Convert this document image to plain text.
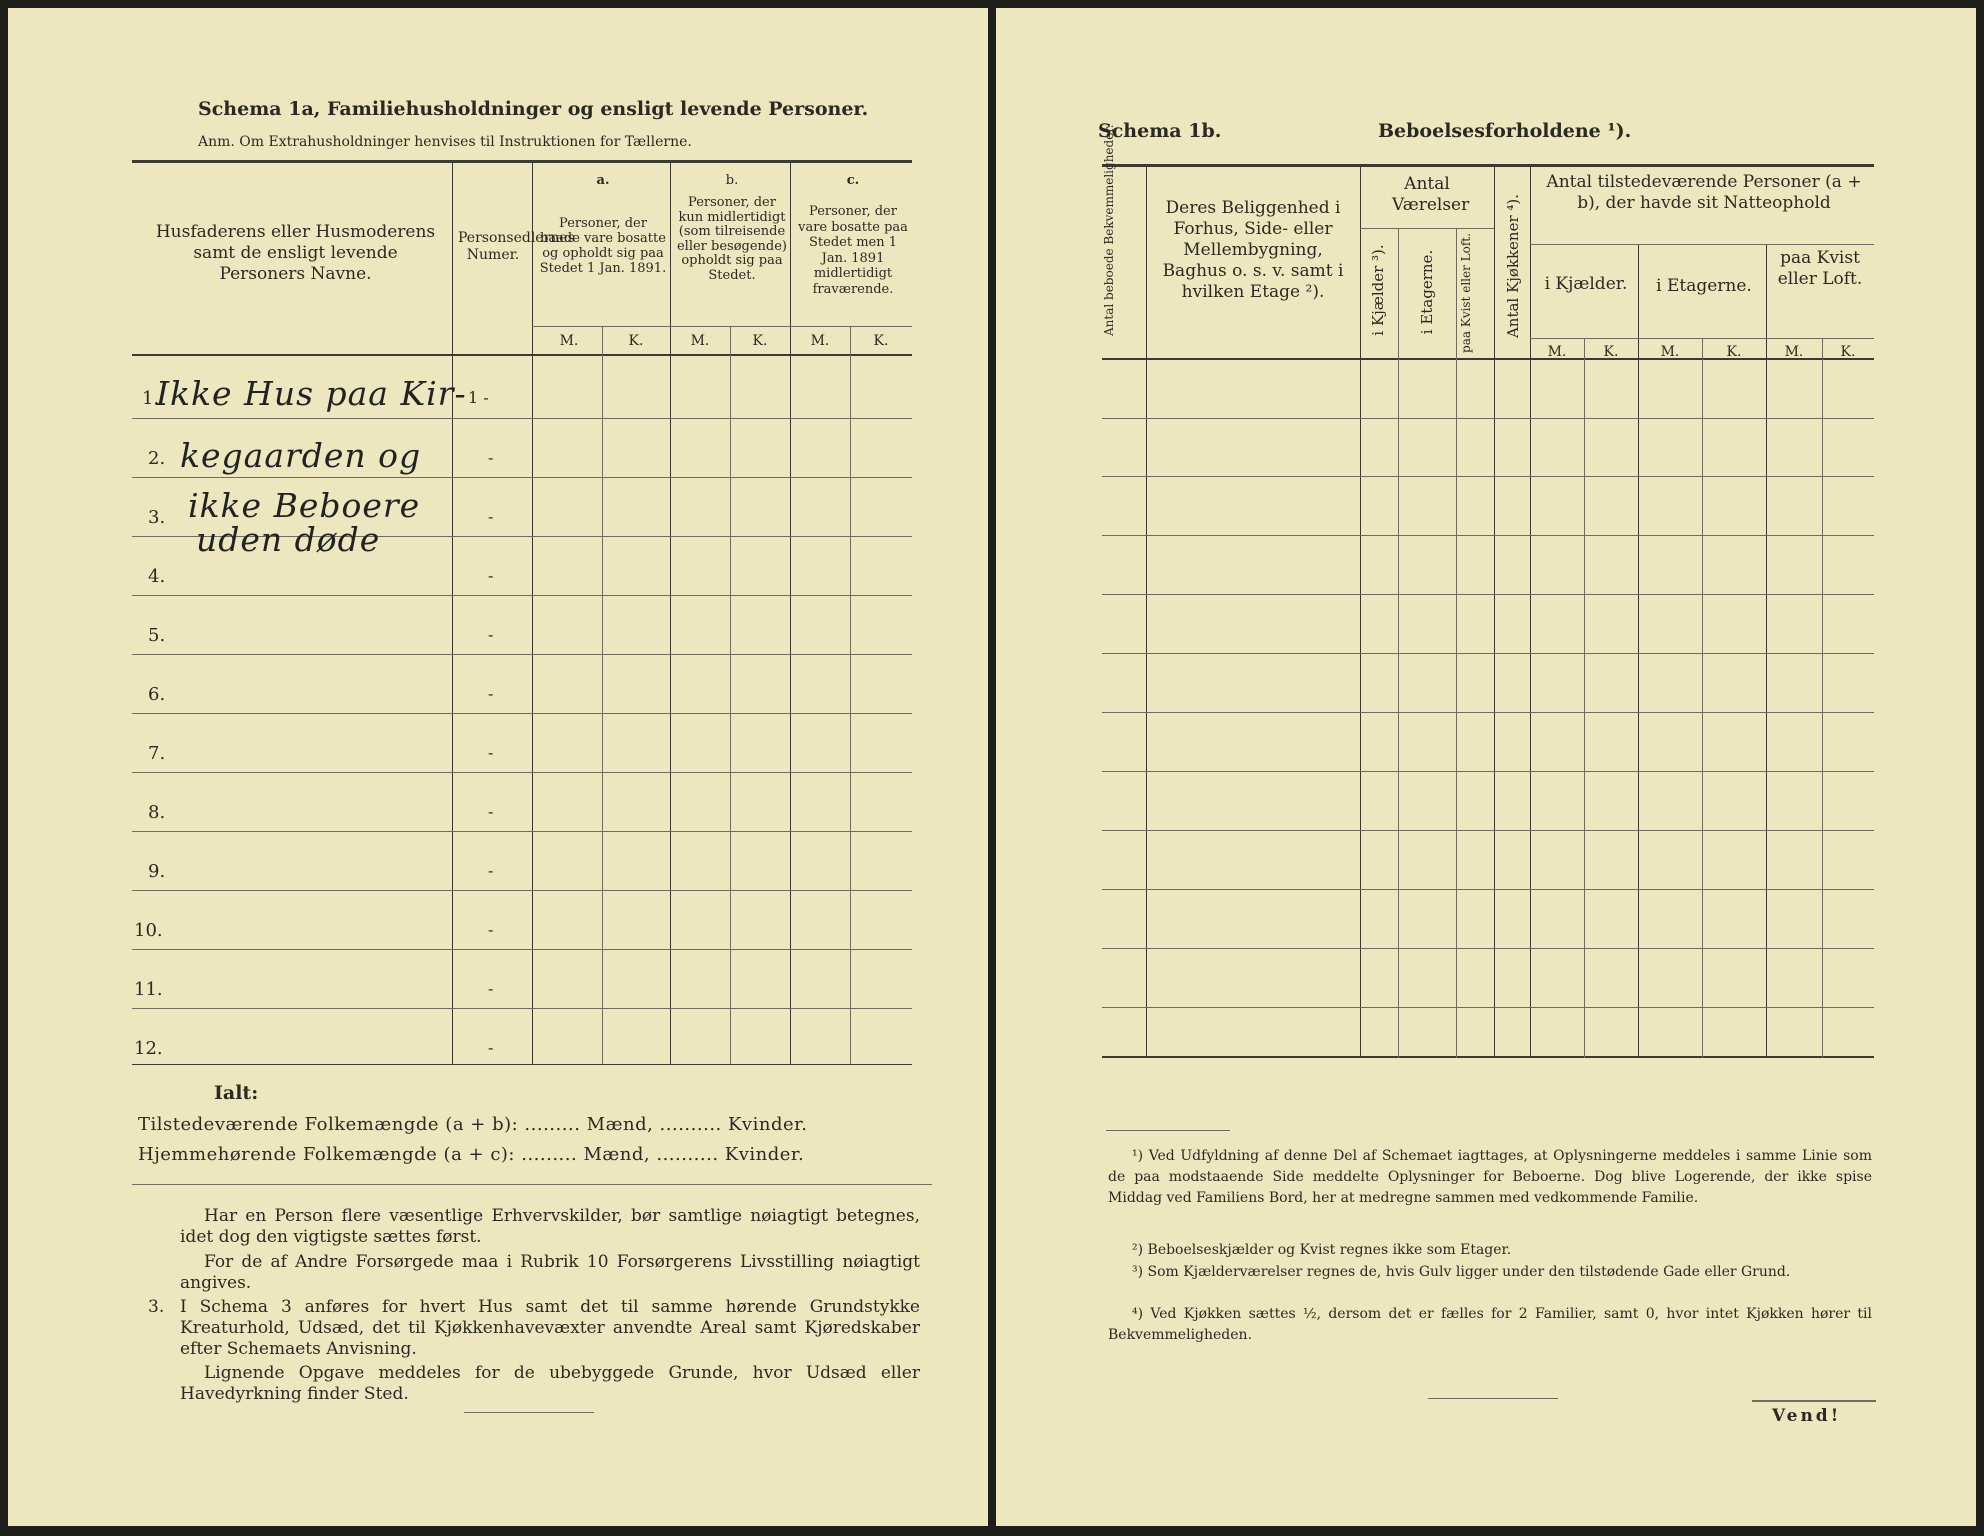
Schema 1a, Familiehusholdninger og ensligt levende Personer.
Anm. Om Extrahusholdninger henvises til Instruktionen for Tællerne.
Husfaderens eller Husmoderens samt de ensligt levende Personers Navne.
Personsedlernes Numer.
a.
Personer, der baade vare bosatte og opholdt sig paa Stedet 1 Jan. 1891.
b.
Personer, der kun midlertidigt (som tilreisende eller besøgende) opholdt sig paa Stedet.
c.
Personer, der vare bosatte paa Stedet men 1 Jan. 1891 midlertidigt fraværende.
M.	K.	M.	K.	M.	K.
1.	1 -
2.	-
3.	-
4.	-
5.	-
6.	-
7.	-
8.	-
9.	-
10.	-
11.	-
12.	-
Ikke Hus paa Kir-
kegaarden og
ikke Beboere
uden døde
Ialt:
Tilstedeværende Folkemængde (a + b): ......... Mænd, .......... Kvinder.
Hjemmehørende Folkemængde (a + c): ......... Mænd, .......... Kvinder.
Har en Person flere væsentlige Erhvervskilder, bør samtlige nøiagtigt betegnes, idet dog den vigtigste sættes først.
For de af Andre Forsørgede maa i Rubrik 10 Forsørgerens Livsstilling nøiagtigt angives.
3. I Schema 3 anføres for hvert Hus samt det til samme hørende Grundstykke Kreaturhold, Udsæd, det til Kjøkkenhavevæxter anvendte Areal samt Kjøredskaber efter Schemaets Anvisning.
Lignende Opgave meddeles for de ubebyggede Grunde, hvor Udsæd eller Havedyrkning finder Sted.
Schema 1b.	Beboelsesforholdene ¹).
Antal beboede Bekvemmeligheder.	Deres Beliggenhed i Forhus, Side- eller Mellembygning, Baghus o. s. v. samt i hvilken Etage ²).
Antal Værelser
i Kjælder ³). i Etagerne. paa Kvist eller Loft.	Antal Kjøkkener ⁴).
Antal tilstedeværende Personer (a + b), der havde sit Natteophold
i Kjælder.	i Etagerne.
paa Kvist eller Loft.
M.	K.	M.	K.	M.	K.
¹) Ved Udfyldning af denne Del af Schemaet iagttages, at Oplysningerne meddeles i samme Linie som de paa modstaaende Side meddelte Oplysninger for Beboerne. Dog blive Logerende, der ikke spise Middag ved Familiens Bord, her at medregne sammen med vedkommende Familie.
²) Beboelseskjælder og Kvist regnes ikke som Etager.
³) Som Kjælderværelser regnes de, hvis Gulv ligger under den tilstødende Gade eller Grund.
⁴) Ved Kjøkken sættes ½, dersom det er fælles for 2 Familier, samt 0, hvor intet Kjøkken hører til Bekvemmeligheden.
Vend!
